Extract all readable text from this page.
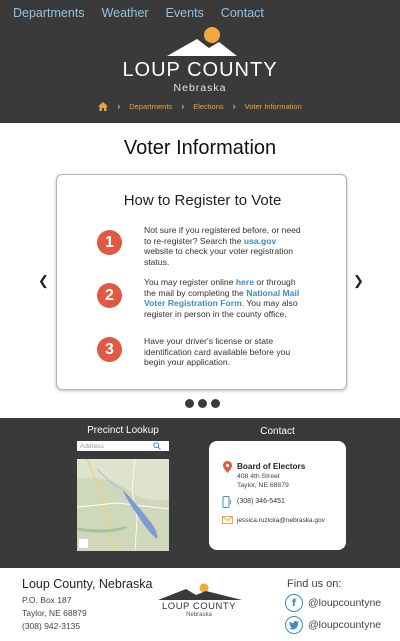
Departments Weather Events Contact
LOUP COUNTY
Nebraska
› Departments › Elections › Voter Information
Voter Information
❮	❯
How to Register to Vote
1
Not sure if you registered before, or need to re-register? Search the usa.gov website to check your voter registration status.
2
You may register online here or through the mail by completing the National Mail Voter Registration Form. You may also register in person in the county office.
3	Have your driver's license or state identification card available before you begin your application.
Precinct Lookup
Address	Contact
Board of Electors
408 4th Street
Taylor, NE 68879
(308) 346-5451
jessica.ruzicka@nebraska.gov
Loup County, Nebraska
P.O. Box 187
Taylor, NE 68879
(308) 942-3135
LOUP COUNTY
Nebraska
Find us on:
f	@loupcountyne
@loupcountyne
